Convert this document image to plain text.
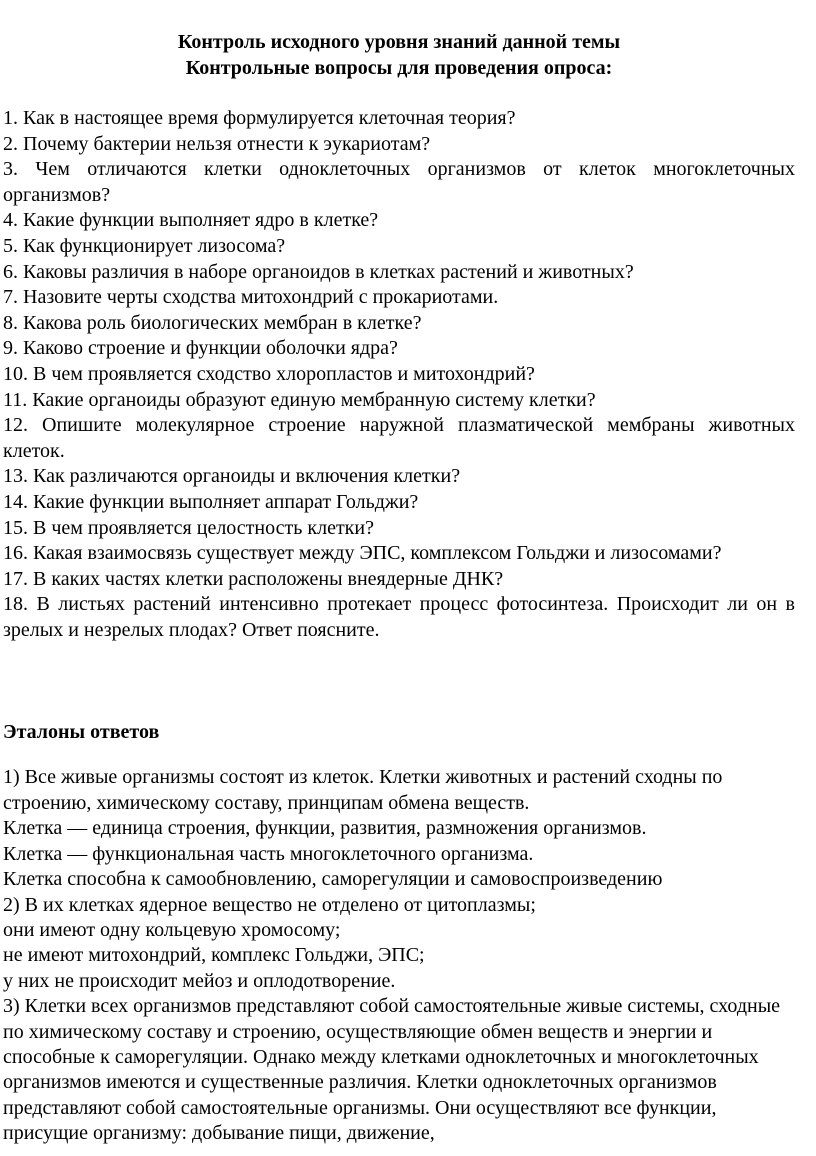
Контроль исходного уровня знаний данной темы
Контрольные вопросы для проведения опроса:
1. Как в настоящее время формулируется клеточная теория?
2. Почему бактерии нельзя отнести к эукариотам?
3. Чем отличаются клетки одноклеточных организмов от клеток многоклеточных организмов?
4. Какие функции выполняет ядро в клетке?
5. Как функционирует лизосома?
6. Каковы различия в наборе органоидов в клетках растений и животных?
7. Назовите черты сходства митохондрий с прокариотами.
8. Какова роль биологических мембран в клетке?
9. Каково строение и функции оболочки ядра?
10. В чем проявляется сходство хлоропластов и митохондрий?
11. Какие органоиды образуют единую мембранную систему клетки?
12. Опишите молекулярное строение наружной плазматической мембраны животных клеток.
13. Как различаются органоиды и включения клетки?
14. Какие функции выполняет аппарат Гольджи?
15. В чем проявляется целостность клетки?
16. Какая взаимосвязь существует между ЭПС, комплексом Гольджи и лизосомами?
17. В каких частях клетки расположены внеядерные ДНК?
18. В листьях растений интенсивно протекает процесс фотосинтеза. Происходит ли он в зрелых и незрелых плодах? Ответ поясните.
Эталоны ответов
1) Все живые организмы состоят из клеток. Клетки животных и растений сходны по строению, химическому составу, принципам обмена веществ.
Клетка — единица строения, функции, развития, размножения организмов.
Клетка — функциональная часть многоклеточного организма.
Клетка способна к самообновлению, саморегуляции и самовоспроизведению
2) В их клетках ядерное вещество не отделено от цитоплазмы;
они имеют одну кольцевую хромосому;
не имеют митохондрий, комплекс Гольджи, ЭПС;
у них не происходит мейоз и оплодотворение.
3) Клетки всех организмов представляют собой самостоятельные живые системы, сходные по химическому составу и строению, осуществляющие обмен веществ и энергии и способные к саморегуляции. Однако между клетками одноклеточных и многоклеточных организмов имеются и существенные различия. Клетки одноклеточных организмов представляют собой самостоятельные организмы. Они осуществляют все функции, присущие организму: добывание пищи, движение,
